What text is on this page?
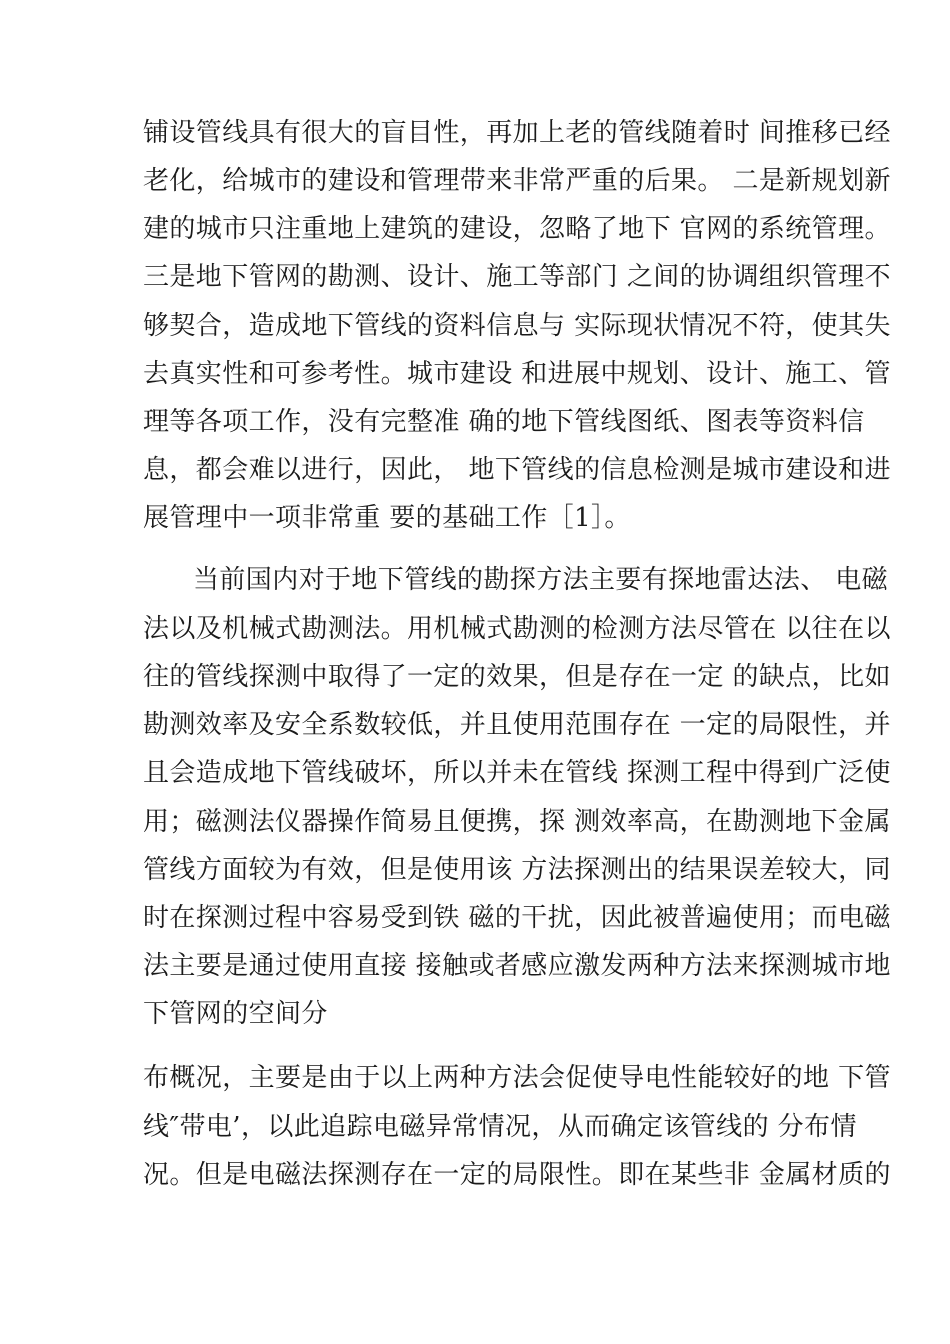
铺设管线具有很大的盲目性，再加上老的管线随着时 间推移已经
老化，给城市的建设和管理带来非常严重的后果。 二是新规划新
建的城市只注重地上建筑的建设，忽略了地下 官网的系统管理。
三是地下管网的勘测、设计、施工等部门 之间的协调组织管理不
够契合，造成地下管线的资料信息与 实际现状情况不符，使其失
去真实性和可参考性。城市建设 和进展中规划、设计、施工、管
理等各项工作，没有完整准 确的地下管线图纸、图表等资料信
息，都会难以进行，因此， 地下管线的信息检测是城市建设和进
展管理中一项非常重 要的基础工作［1］。
当前国内对于地下管线的勘探方法主要有探地雷达法、 电磁
法以及机械式勘测法。用机械式勘测的检测方法尽管在 以往在以
往的管线探测中取得了一定的效果，但是存在一定 的缺点，比如
勘测效率及安全系数较低，并且使用范围存在 一定的局限性，并
且会造成地下管线破坏，所以并未在管线 探测工程中得到广泛使
用；磁测法仪器操作简易且便携，探 测效率高，在勘测地下金属
管线方面较为有效，但是使用该 方法探测出的结果误差较大，同
时在探测过程中容易受到铁 磁的干扰，因此被普遍使用；而电磁
法主要是通过使用直接 接触或者感应激发两种方法来探测城市地
下管网的空间分
布概况，主要是由于以上两种方法会促使导电性能较好的地 下管
线″带电’，以此追踪电磁异常情况，从而确定该管线的 分布情
况。但是电磁法探测存在一定的局限性。即在某些非 金属材质的
